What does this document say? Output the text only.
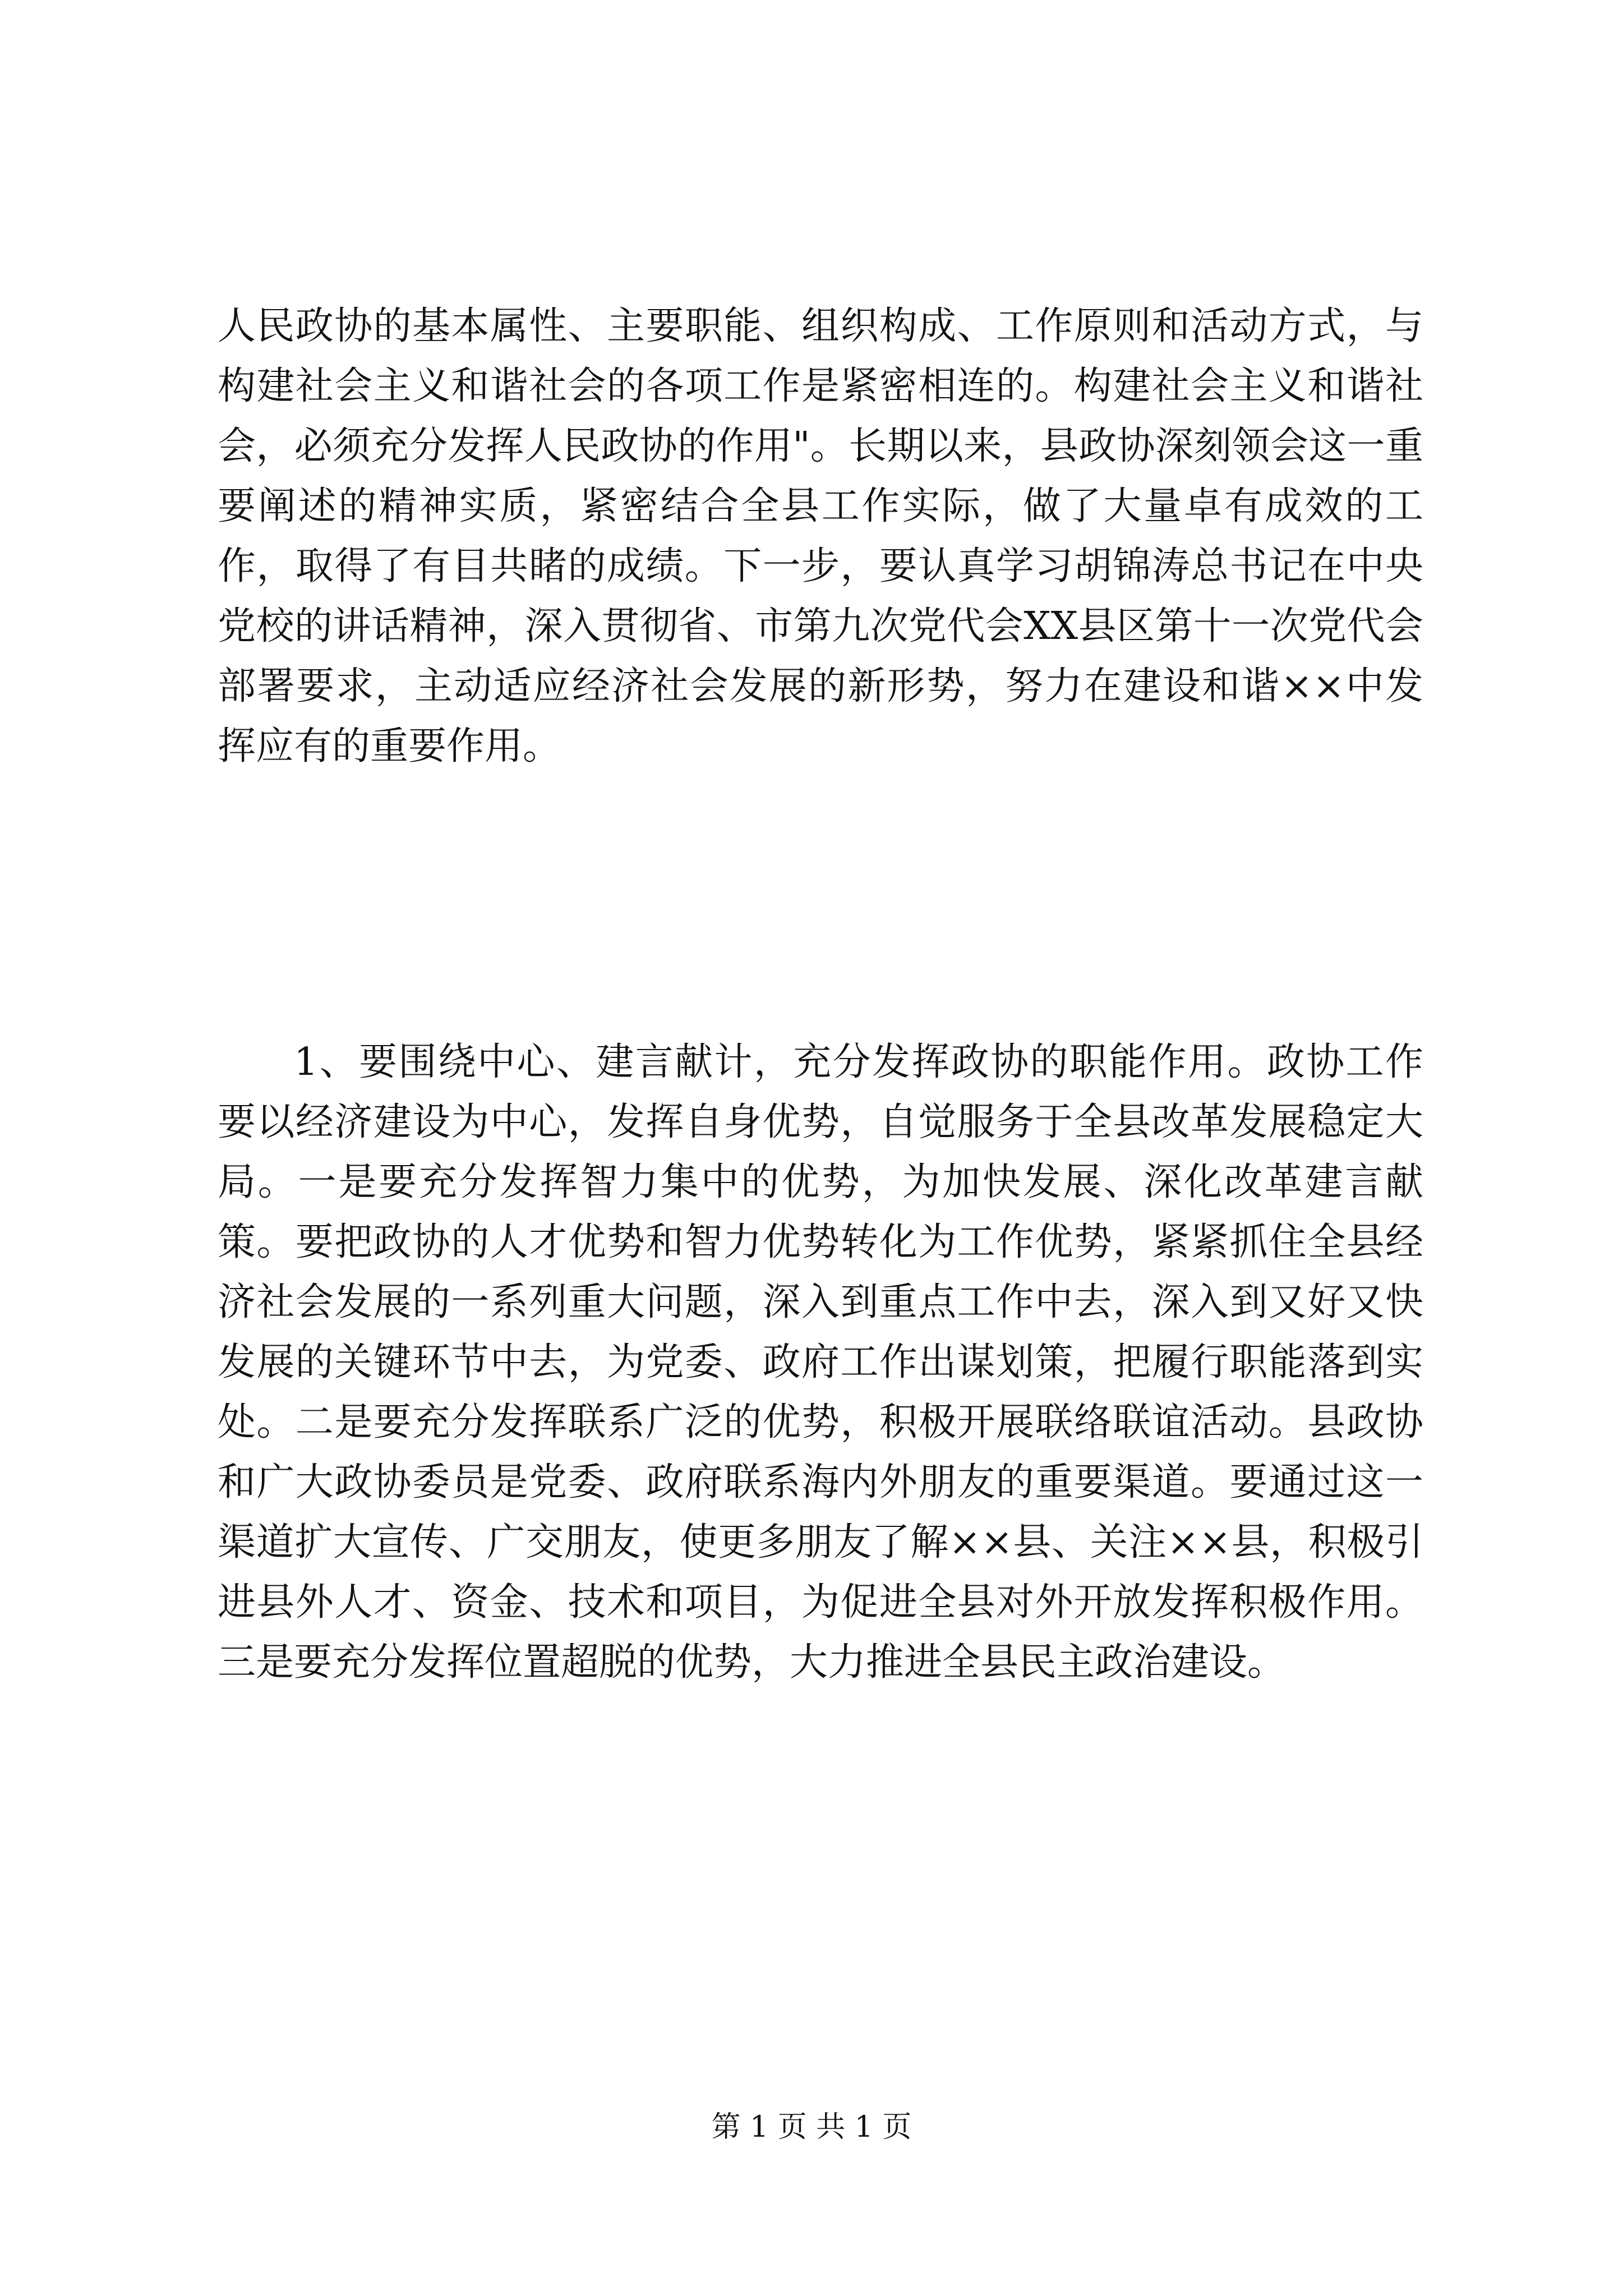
人民政协的基本属性、主要职能、组织构成、工作原则和活动方式，与构建社会主义和谐社会的各项工作是紧密相连的。构建社会主义和谐社会，必须充分发挥人民政协的作用"。长期以来，县政协深刻领会这一重要阐述的精神实质，紧密结合全县工作实际，做了大量卓有成效的工作，取得了有目共睹的成绩。下一步，要认真学习胡锦涛总书记在中央党校的讲话精神，深入贯彻省、市第九次党代会XX县区第十一次党代会部署要求，主动适应经济社会发展的新形势，努力在建设和谐××中发挥应有的重要作用。

1、要围绕中心、建言献计，充分发挥政协的职能作用。政协工作要以经济建设为中心，发挥自身优势，自觉服务于全县改革发展稳定大局。一是要充分发挥智力集中的优势，为加快发展、深化改革建言献策。要把政协的人才优势和智力优势转化为工作优势，紧紧抓住全县经济社会发展的一系列重大问题，深入到重点工作中去，深入到又好又快发展的关键环节中去，为党委、政府工作出谋划策，把履行职能落到实处。二是要充分发挥联系广泛的优势，积极开展联络联谊活动。县政协和广大政协委员是党委、政府联系海内外朋友的重要渠道。要通过这一渠道扩大宣传、广交朋友，使更多朋友了解××县、关注××县，积极引进县外人才、资金、技术和项目，为促进全县对外开放发挥积极作用。三是要充分发挥位置超脱的优势，大力推进全县民主政治建设。

第 1 页 共 1 页
